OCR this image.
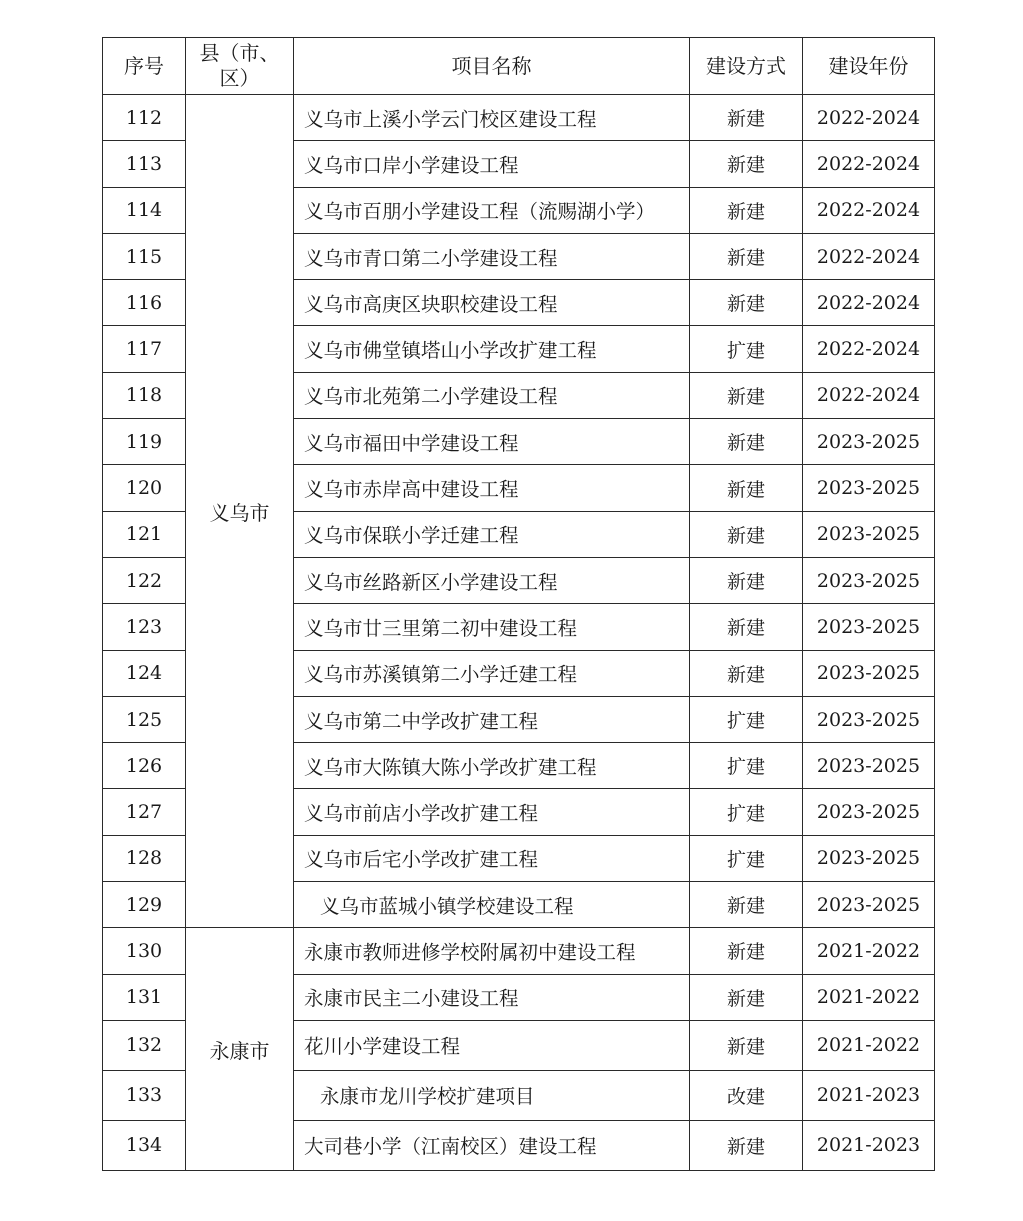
序号	县（市、区）	项目名称	建设方式	建设年份
112	义乌市	义乌市上溪小学云门校区建设工程	新建	2022-2024
113		义乌市口岸小学建设工程	新建	2022-2024
114		义乌市百朋小学建设工程（流赐湖小学）	新建	2022-2024
115		义乌市青口第二小学建设工程	新建	2022-2024
116		义乌市高庚区块职校建设工程	新建	2022-2024
117		义乌市佛堂镇塔山小学改扩建工程	扩建	2022-2024
118		义乌市北苑第二小学建设工程	新建	2022-2024
119		义乌市福田中学建设工程	新建	2023-2025
120		义乌市赤岸高中建设工程	新建	2023-2025
121		义乌市保联小学迁建工程	新建	2023-2025
122		义乌市丝路新区小学建设工程	新建	2023-2025
123		义乌市廿三里第二初中建设工程	新建	2023-2025
124		义乌市苏溪镇第二小学迁建工程	新建	2023-2025
125		义乌市第二中学改扩建工程	扩建	2023-2025
126		义乌市大陈镇大陈小学改扩建工程	扩建	2023-2025
127		义乌市前店小学改扩建工程	扩建	2023-2025
128		义乌市后宅小学改扩建工程	扩建	2023-2025
129		义乌市蓝城小镇学校建设工程	新建	2023-2025
130	永康市	永康市教师进修学校附属初中建设工程	新建	2021-2022
131		永康市民主二小建设工程	新建	2021-2022
132		花川小学建设工程	新建	2021-2022
133		永康市龙川学校扩建项目	改建	2021-2023
134		大司巷小学（江南校区）建设工程	新建	2021-2023
